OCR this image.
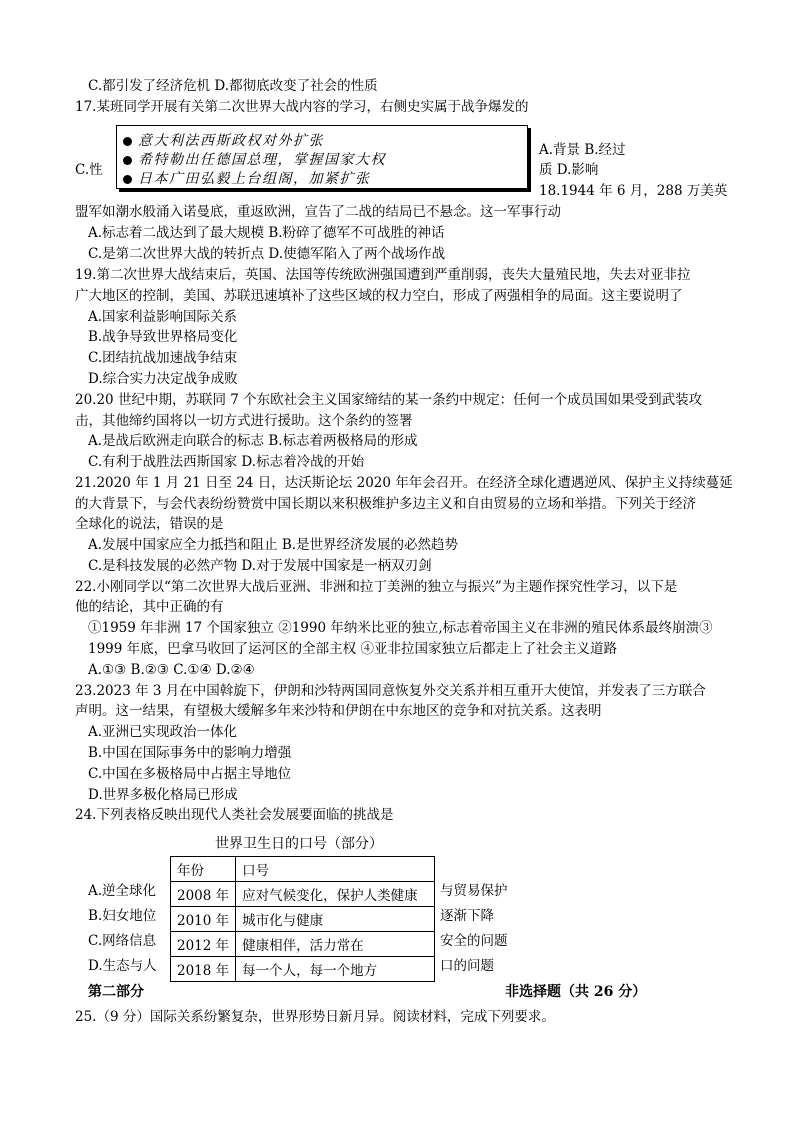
C.都引发了经济危机 D.都彻底改变了社会的性质
17.某班同学开展有关第二次世界大战内容的学习，右侧史实属于战争爆发的
意大利法西斯政权对外扩张
希特勒出任德国总理，掌握国家大权
日本广田弘毅上台组阁，加紧扩张
C.性
A.背景 B.经过
质 D.影响
18.1944 年 6 月，288 万美英
盟军如潮水般涌入诺曼底，重返欧洲，宣告了二战的结局已不悬念。这一军事行动
A.标志着二战达到了最大规模 B.粉碎了德军不可战胜的神话
C.是第二次世界大战的转折点 D.使德军陷入了两个战场作战
19.第二次世界大战结束后，英国、法国等传统欧洲强国遭到严重削弱，丧失大量殖民地，失去对亚非拉
广大地区的控制，美国、苏联迅速填补了这些区域的权力空白，形成了两强相争的局面。这主要说明了
A.国家利益影响国际关系
B.战争导致世界格局变化
C.团结抗战加速战争结束
D.综合实力决定战争成败
20.20 世纪中期，苏联同 7 个东欧社会主义国家缔结的某一条约中规定：任何一个成员国如果受到武装攻
击，其他缔约国将以一切方式进行援助。这个条约的签署
A.是战后欧洲走向联合的标志 B.标志着两极格局的形成
C.有利于战胜法西斯国家 D.标志着冷战的开始
21.2020 年 1 月 21 日至 24 日，达沃斯论坛 2020 年年会召开。在经济全球化遭遇逆风、保护主义持续蔓延
的大背景下，与会代表纷纷赞赏中国长期以来积极维护多边主义和自由贸易的立场和举措。下列关于经济
全球化的说法，错误的是
A.发展中国家应全力抵挡和阻止 B.是世界经济发展的必然趋势
C.是科技发展的必然产物 D.对于发展中国家是一柄双刃剑
22.小刚同学以“第二次世界大战后亚洲、非洲和拉丁美洲的独立与振兴”为主题作探究性学习，以下是
他的结论，其中正确的有
①1959 年非洲 17 个国家独立 ②1990 年纳米比亚的独立,标志着帝国主义在非洲的殖民体系最终崩溃③
1999 年底，巴拿马收回了运河区的全部主权 ④亚非拉国家独立后都走上了社会主义道路
A.①③ B.②③ C.①④ D.②④
23.2023 年 3 月在中国斡旋下，伊朗和沙特两国同意恢复外交关系并相互重开大使馆，并发表了三方联合
声明。这一结果，有望极大缓解多年来沙特和伊朗在中东地区的竞争和对抗关系。这表明
A.亚洲已实现政治一体化
B.中国在国际事务中的影响力增强
C.中国在多极格局中占据主导地位
D.世界多极化格局已形成
24.下列表格反映出现代人类社会发展要面临的挑战是
世界卫生日的口号（部分）
年份	口号
2008 年	应对气候变化，保护人类健康
2010 年	城市化与健康
2012 年	健康相伴，活力常在
2018 年	每一个人，每一个地方
A.逆全球化
B.妇女地位
C.网络信息
D.生态与人
与贸易保护
逐渐下降
安全的问题
口的问题
第二部分	非选择题（共 26 分）
25.（9 分）国际关系纷繁复杂，世界形势日新月异。阅读材料，完成下列要求。
